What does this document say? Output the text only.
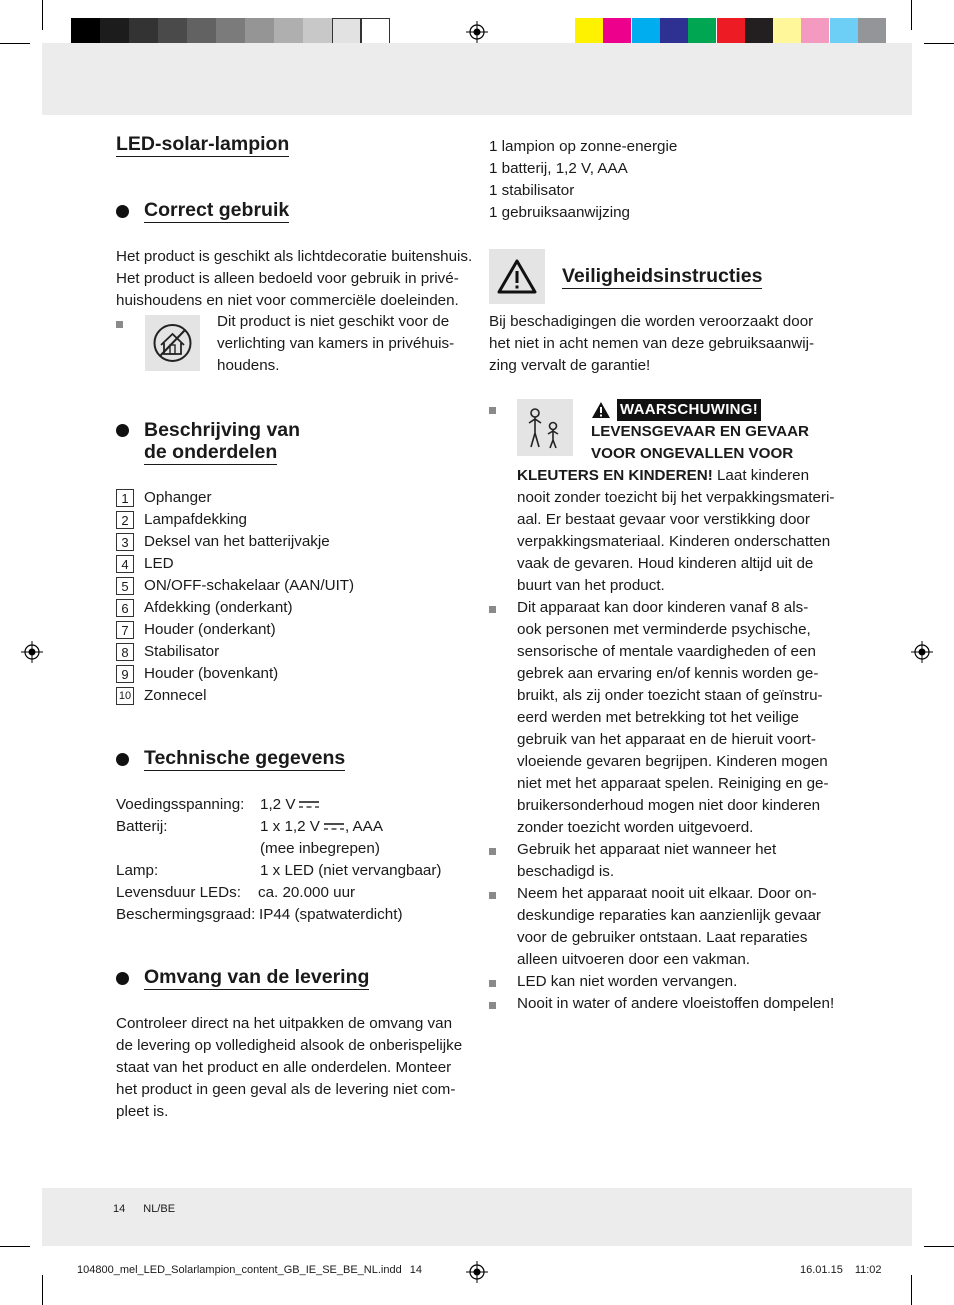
LED-solar-lampion
Correct gebruik
Het product is geschikt als lichtdecoratie buitenshuis.
Het product is alleen bedoeld voor gebruik in privé-
huishoudens en niet voor commerciële doeleinden.
Dit product is niet geschikt voor de
verlichting van kamers in privéhuis-
houdens.
Beschrijving van
de onderdelen
1	Ophanger
2	Lampafdekking
3	Deksel van het batterijvakje
4	LED
5	ON/OFF-schakelaar (AAN/UIT)
6	Afdekking (onderkant)
7	Houder (onderkant)
8	Stabilisator
9	Houder (bovenkant)
10 Zonnecel
Technische gegevens
Voedingsspanning: 1,2 V
Batterij:	1 x 1,2 V , AAA
(mee inbegrepen)
Lamp:	1 x LED (niet vervangbaar)
Levensduur LEDs: ca. 20.000 uur
Beschermingsgraad: IP44 (spatwaterdicht)
Omvang van de levering
Controleer direct na het uitpakken de omvang van
de levering op volledigheid alsook de onberispelijke
staat van het product en alle onderdelen. Monteer
het product in geen geval als de levering niet com-
pleet is.
1 lampion op zonne-energie
1 batterij, 1,2 V, AAA
1 stabilisator
1 gebruiksaanwijzing
Veiligheidsinstructies
Bij beschadigingen die worden veroorzaakt door
het niet in acht nemen van deze gebruiksaanwij-
zing vervalt de garantie!
WAARSCHUWING!
LEVENSGEVAAR EN GEVAAR
VOOR ONGEVALLEN VOOR
KLEUTERS EN KINDEREN! Laat kinderen
nooit zonder toezicht bij het verpakkingsmateri-
aal. Er bestaat gevaar voor verstikking door
verpakkingsmateriaal. Kinderen onderschatten
vaak de gevaren. Houd kinderen altijd uit de
buurt van het product.
Dit apparaat kan door kinderen vanaf 8 als-
ook personen met verminderde psychische,
sensorische of mentale vaardigheden of een
gebrek aan ervaring en/of kennis worden ge-
bruikt, als zij onder toezicht staan of geïnstru-
eerd werden met betrekking tot het veilige
gebruik van het apparaat en de hieruit voort-
vloeiende gevaren begrijpen. Kinderen mogen
niet met het apparaat spelen. Reiniging en ge-
bruikersonderhoud mogen niet door kinderen
zonder toezicht worden uitgevoerd.
Gebruik het apparaat niet wanneer het
beschadigd is.
Neem het apparaat nooit uit elkaar. Door on-
deskundige reparaties kan aanzienlijk gevaar
voor de gebruiker ontstaan. Laat reparaties
alleen uitvoeren door een vakman.
LED kan niet worden vervangen.
Nooit in water of andere vloeistoffen dompelen!
14 NL/BE
104800_mel_LED_Solarlampion_content_GB_IE_SE_BE_NL.indd 14	16.01.15 11:02
